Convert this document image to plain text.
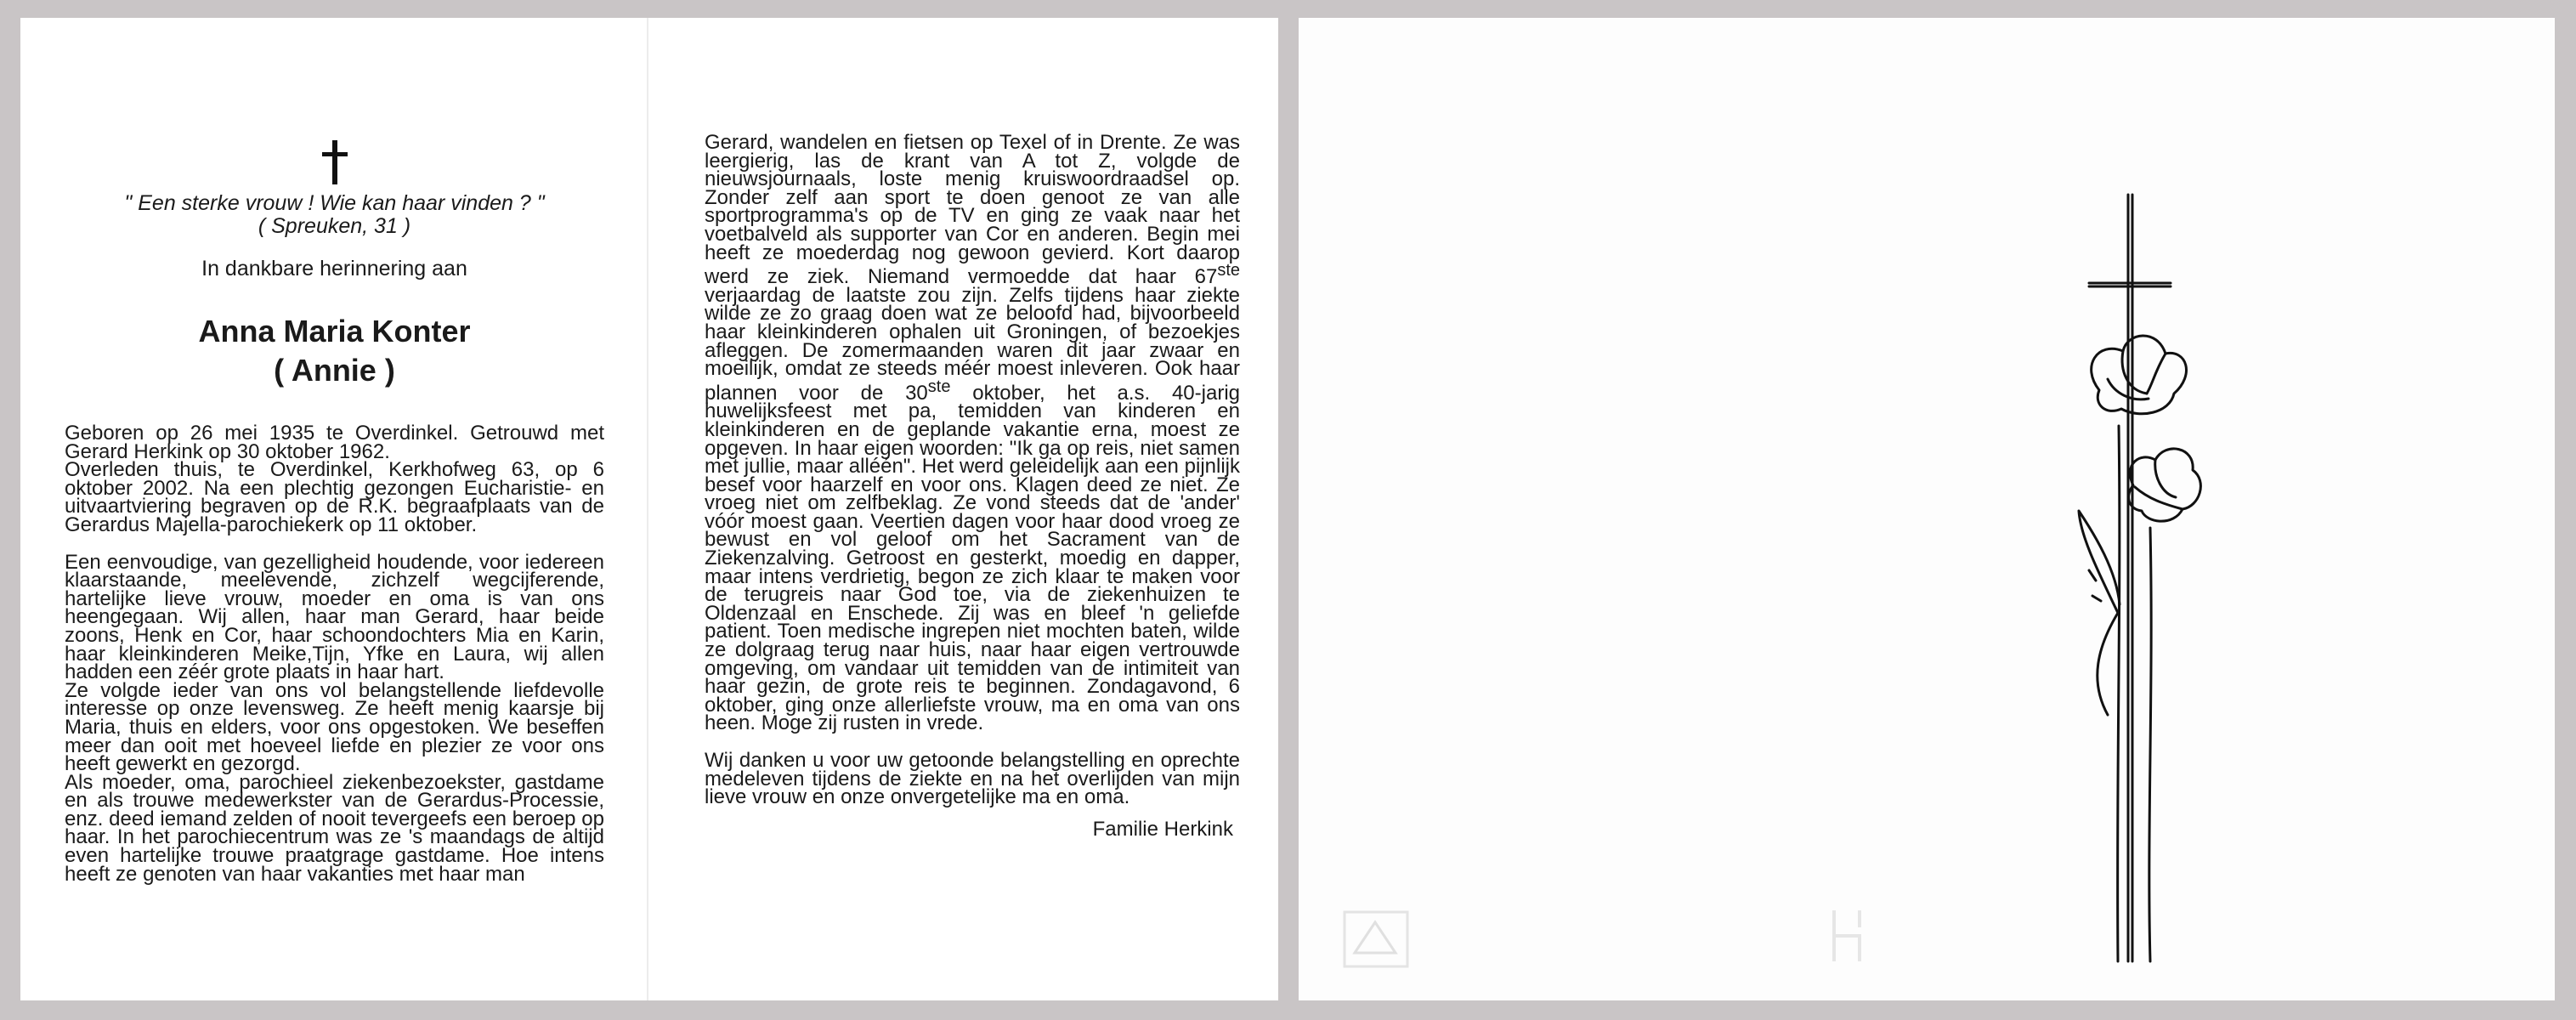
" Een sterke vrouw ! Wie kan haar vinden ? "
( Spreuken, 31 )
In dankbare herinnering aan
Anna Maria Konter
( Annie )

Geboren op 26 mei 1935 te Overdinkel. Getrouwd met Gerard Herkink op 30 oktober 1962.

Overleden thuis, te Overdinkel, Kerkhofweg 63, op 6 oktober 2002. Na een plechtig gezongen Eucharistie- en uitvaartviering begraven op de R.K. begraafplaats van de Gerardus Majella-parochiekerk op 11 oktober.

Een eenvoudige, van gezelligheid houdende, voor iedereen klaarstaande, meelevende, zichzelf wegcijferende, hartelijke lieve vrouw, moeder en oma is van ons heengegaan. Wij allen, haar man Gerard, haar beide zoons, Henk en Cor, haar schoondochters Mia en Karin, haar kleinkinderen Meike,Tijn, Yfke en Laura, wij allen hadden een zéér grote plaats in haar hart.

Ze volgde ieder van ons vol belangstellende liefdevolle interesse op onze levensweg. Ze heeft menig kaarsje bij Maria, thuis en elders, voor ons opgestoken. We beseffen meer dan ooit met hoeveel liefde en plezier ze voor ons heeft gewerkt en gezorgd.

Als moeder, oma, parochieel ziekenbezoekster, gastdame en als trouwe medewerkster van de Gerardus-Processie, enz. deed iemand zelden of nooit tevergeefs een beroep op haar. In het parochiecentrum was ze 's maandags de altijd even hartelijke trouwe praatgrage gastdame. Hoe intens heeft ze genoten van haar vakanties met haar man

Gerard, wandelen en fietsen op Texel of in Drente. Ze was leergierig, las de krant van A tot Z, volgde de nieuwsjournaals, loste menig kruiswoordraadsel op. Zonder zelf aan sport te doen genoot ze van alle sportprogramma's op de TV en ging ze vaak naar het voetbalveld als supporter van Cor en anderen. Begin mei heeft ze moederdag nog gewoon gevierd. Kort daarop werd ze ziek. Niemand vermoedde dat haar 67ste verjaardag de laatste zou zijn. Zelfs tijdens haar ziekte wilde ze zo graag doen wat ze beloofd had, bijvoorbeeld haar kleinkinderen ophalen uit Groningen, of bezoekjes afleggen. De zomermaanden waren dit jaar zwaar en moeilijk, omdat ze steeds méér moest inleveren. Ook haar plannen voor de 30ste oktober, het a.s. 40-jarig huwelijksfeest met pa, temidden van kinderen en kleinkinderen en de geplande vakantie erna, moest ze opgeven. In haar eigen woorden: "Ik ga op reis, niet samen met jullie, maar alléén". Het werd geleidelijk aan een pijnlijk besef voor haarzelf en voor ons. Klagen deed ze niet. Ze vroeg niet om zelfbeklag. Ze vond steeds dat de 'ander' vóór moest gaan. Veertien dagen voor haar dood vroeg ze bewust en vol geloof om het Sacrament van de Ziekenzalving. Getroost en gesterkt, moedig en dapper, maar intens verdrietig, begon ze zich klaar te maken voor de terugreis naar God toe, via de ziekenhuizen te Oldenzaal en Enschede. Zij was en bleef 'n geliefde patient. Toen medische ingrepen niet mochten baten, wilde ze dolgraag terug naar huis, naar haar eigen vertrouwde omgeving, om vandaar uit temidden van de intimiteit van haar gezin, de grote reis te beginnen. Zondagavond, 6 oktober, ging onze allerliefste vrouw, ma en oma van ons heen. Moge zij rusten in vrede.

Wij danken u voor uw getoonde belangstelling en oprechte medeleven tijdens de ziekte en na het overlijden van mijn lieve vrouw en onze onvergetelijke ma en oma.

Familie Herkink
